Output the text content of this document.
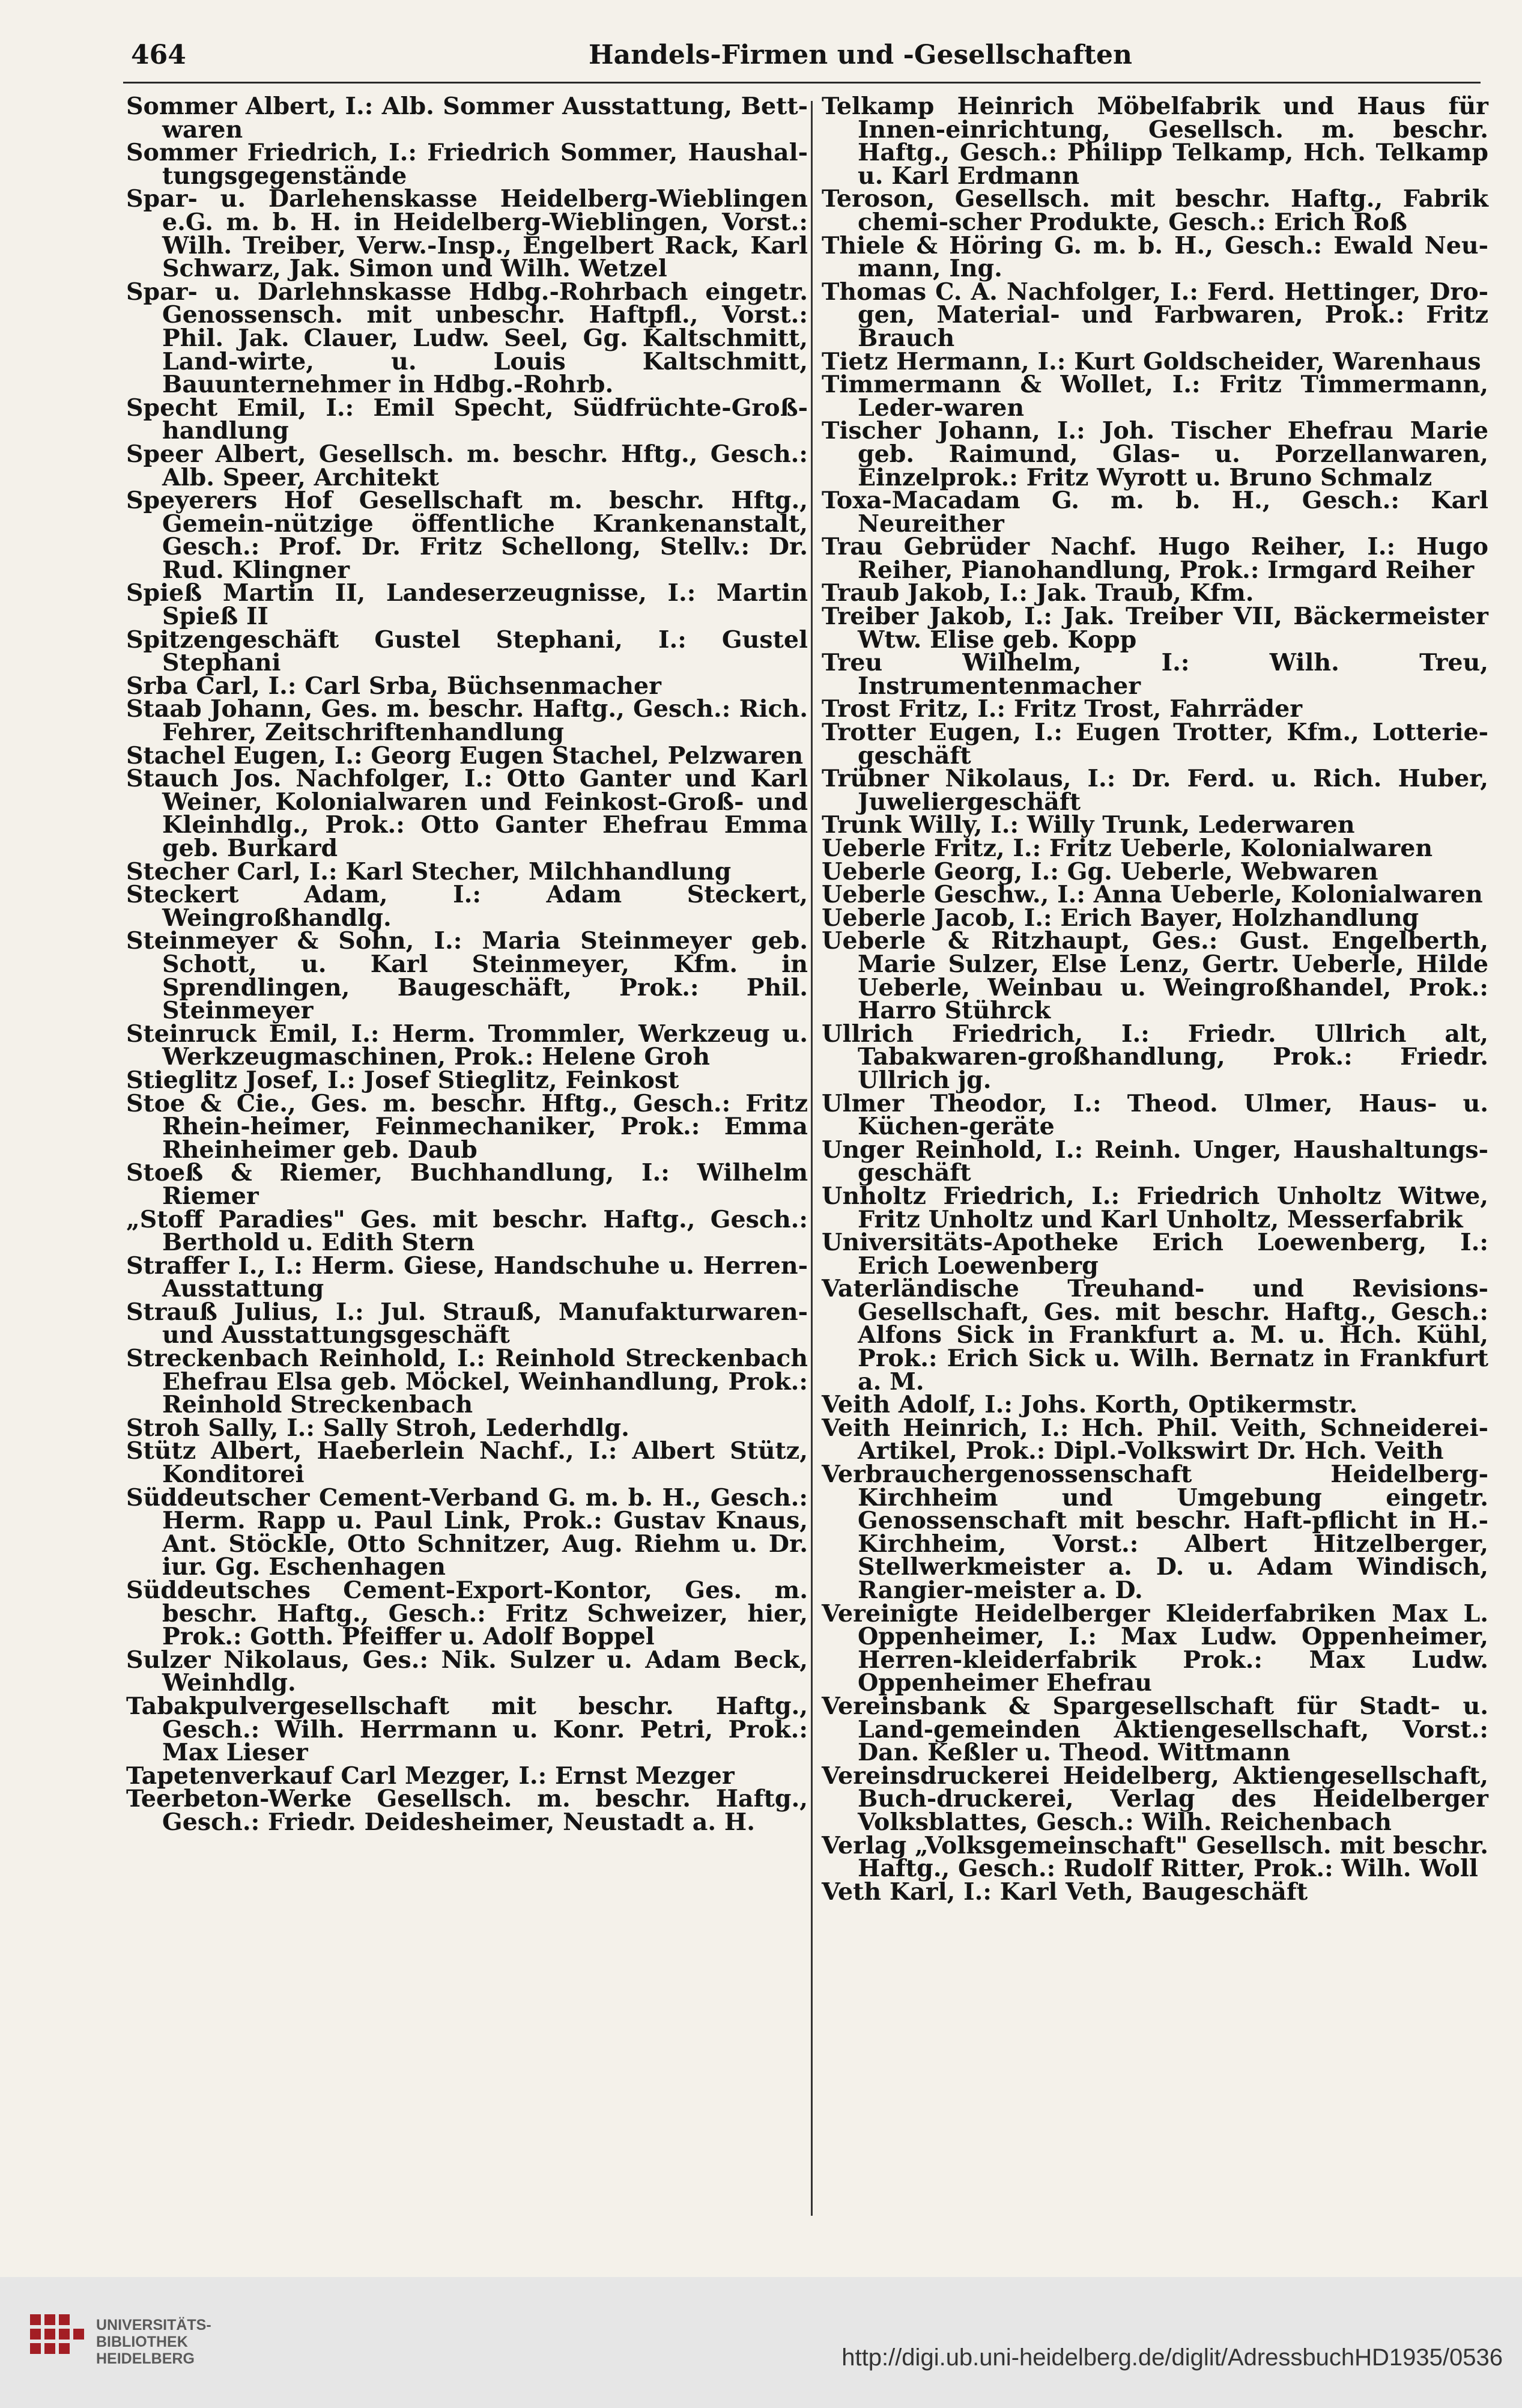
464	Handels-Firmen und -Gesellschaften

Sommer Albert, I.: Alb. Sommer Ausstattung, Bett-waren

Sommer Friedrich, I.: Friedrich Sommer, Haushal-tungsgegenstände

Spar- u. Darlehenskasse Heidelberg-Wieblingen e.G. m. b. H. in Heidelberg-Wieblingen, Vorst.: Wilh. Treiber, Verw.-Insp., Engelbert Rack, Karl Schwarz, Jak. Simon und Wilh. Wetzel

Spar- u. Darlehnskasse Hdbg.-Rohrbach eingetr. Genossensch. mit unbeschr. Haftpfl., Vorst.: Phil. Jak. Clauer, Ludw. Seel, Gg. Kaltschmitt, Land-wirte, u. Louis Kaltschmitt, Bauunternehmer in Hdbg.-Rohrb.

Specht Emil, I.: Emil Specht, Südfrüchte-Groß-handlung

Speer Albert, Gesellsch. m. beschr. Hftg., Gesch.: Alb. Speer, Architekt

Speyerers Hof Gesellschaft m. beschr. Hftg., Gemein-nützige öffentliche Krankenanstalt, Gesch.: Prof. Dr. Fritz Schellong, Stellv.: Dr. Rud. Klingner

Spieß Martin II, Landeserzeugnisse, I.: Martin Spieß II

Spitzengeschäft Gustel Stephani, I.: Gustel Stephani

Srba Carl, I.: Carl Srba, Büchsenmacher

Staab Johann, Ges. m. beschr. Haftg., Gesch.: Rich. Fehrer, Zeitschriftenhandlung

Stachel Eugen, I.: Georg Eugen Stachel, Pelzwaren

Stauch Jos. Nachfolger, I.: Otto Ganter und Karl Weiner, Kolonialwaren und Feinkost-Groß- und Kleinhdlg., Prok.: Otto Ganter Ehefrau Emma geb. Burkard

Stecher Carl, I.: Karl Stecher, Milchhandlung

Steckert Adam, I.: Adam Steckert, Weingroßhandlg.

Steinmeyer & Sohn, I.: Maria Steinmeyer geb. Schott, u. Karl Steinmeyer, Kfm. in Sprendlingen, Baugeschäft, Prok.: Phil. Steinmeyer

Steinruck Emil, I.: Herm. Trommler, Werkzeug u. Werkzeugmaschinen, Prok.: Helene Groh

Stieglitz Josef, I.: Josef Stieglitz, Feinkost

Stoe & Cie., Ges. m. beschr. Hftg., Gesch.: Fritz Rhein-heimer, Feinmechaniker, Prok.: Emma Rheinheimer geb. Daub

Stoeß & Riemer, Buchhandlung, I.: Wilhelm Riemer

„Stoff Paradies" Ges. mit beschr. Haftg., Gesch.: Berthold u. Edith Stern

Straffer I., I.: Herm. Giese, Handschuhe u. Herren-Ausstattung

Strauß Julius, I.: Jul. Strauß, Manufakturwaren-und Ausstattungsgeschäft

Streckenbach Reinhold, I.: Reinhold Streckenbach Ehefrau Elsa geb. Möckel, Weinhandlung, Prok.: Reinhold Streckenbach

Stroh Sally, I.: Sally Stroh, Lederhdlg.

Stütz Albert, Haeberlein Nachf., I.: Albert Stütz, Konditorei

Süddeutscher Cement-Verband G. m. b. H., Gesch.: Herm. Rapp u. Paul Link, Prok.: Gustav Knaus, Ant. Stöckle, Otto Schnitzer, Aug. Riehm u. Dr. iur. Gg. Eschenhagen

Süddeutsches Cement-Export-Kontor, Ges. m. beschr. Haftg., Gesch.: Fritz Schweizer, hier, Prok.: Gotth. Pfeiffer u. Adolf Boppel

Sulzer Nikolaus, Ges.: Nik. Sulzer u. Adam Beck, Weinhdlg.

Tabakpulvergesellschaft mit beschr. Haftg., Gesch.: Wilh. Herrmann u. Konr. Petri, Prok.: Max Lieser

Tapetenverkauf Carl Mezger, I.: Ernst Mezger

Teerbeton-Werke Gesellsch. m. beschr. Haftg., Gesch.: Friedr. Deidesheimer, Neustadt a. H.

Telkamp Heinrich Möbelfabrik und Haus für Innen-einrichtung, Gesellsch. m. beschr. Haftg., Gesch.: Philipp Telkamp, Hch. Telkamp u. Karl Erdmann

Teroson, Gesellsch. mit beschr. Haftg., Fabrik chemi-scher Produkte, Gesch.: Erich Roß

Thiele & Höring G. m. b. H., Gesch.: Ewald Neu-mann, Ing.

Thomas C. A. Nachfolger, I.: Ferd. Hettinger, Dro-gen, Material- und Farbwaren, Prok.: Fritz Brauch

Tietz Hermann, I.: Kurt Goldscheider, Warenhaus

Timmermann & Wollet, I.: Fritz Timmermann, Leder-waren

Tischer Johann, I.: Joh. Tischer Ehefrau Marie geb. Raimund, Glas- u. Porzellanwaren, Einzelprok.: Fritz Wyrott u. Bruno Schmalz

Toxa-Macadam G. m. b. H., Gesch.: Karl Neureither

Trau Gebrüder Nachf. Hugo Reiher, I.: Hugo Reiher, Pianohandlung, Prok.: Irmgard Reiher

Traub Jakob, I.: Jak. Traub, Kfm.

Treiber Jakob, I.: Jak. Treiber VII, Bäckermeister Wtw. Elise geb. Kopp

Treu Wilhelm, I.: Wilh. Treu, Instrumentenmacher

Trost Fritz, I.: Fritz Trost, Fahrräder

Trotter Eugen, I.: Eugen Trotter, Kfm., Lotterie-geschäft

Trübner Nikolaus, I.: Dr. Ferd. u. Rich. Huber, Juweliergeschäft

Trunk Willy, I.: Willy Trunk, Lederwaren

Ueberle Fritz, I.: Fritz Ueberle, Kolonialwaren

Ueberle Georg, I.: Gg. Ueberle, Webwaren

Ueberle Geschw., I.: Anna Ueberle, Kolonialwaren

Ueberle Jacob, I.: Erich Bayer, Holzhandlung

Ueberle & Ritzhaupt, Ges.: Gust. Engelberth, Marie Sulzer, Else Lenz, Gertr. Ueberle, Hilde Ueberle, Weinbau u. Weingroßhandel, Prok.: Harro Stührck

Ullrich Friedrich, I.: Friedr. Ullrich alt, Tabakwaren-großhandlung, Prok.: Friedr. Ullrich jg.

Ulmer Theodor, I.: Theod. Ulmer, Haus- u. Küchen-geräte

Unger Reinhold, I.: Reinh. Unger, Haushaltungs-geschäft

Unholtz Friedrich, I.: Friedrich Unholtz Witwe, Fritz Unholtz und Karl Unholtz, Messerfabrik

Universitäts-Apotheke Erich Loewenberg, I.: Erich Loewenberg

Vaterländische Treuhand- und Revisions-Gesellschaft, Ges. mit beschr. Haftg., Gesch.: Alfons Sick in Frankfurt a. M. u. Hch. Kühl, Prok.: Erich Sick u. Wilh. Bernatz in Frankfurt a. M.

Veith Adolf, I.: Johs. Korth, Optikermstr.

Veith Heinrich, I.: Hch. Phil. Veith, Schneiderei-Artikel, Prok.: Dipl.-Volkswirt Dr. Hch. Veith

Verbrauchergenossenschaft Heidelberg-Kirchheim und Umgebung eingetr. Genossenschaft mit beschr. Haft-pflicht in H.-Kirchheim, Vorst.: Albert Hitzelberger, Stellwerkmeister a. D. u. Adam Windisch, Rangier-meister a. D.

Vereinigte Heidelberger Kleiderfabriken Max L. Oppenheimer, I.: Max Ludw. Oppenheimer, Herren-kleiderfabrik Prok.: Max Ludw. Oppenheimer Ehefrau

Vereinsbank & Spargesellschaft für Stadt- u. Land-gemeinden Aktiengesellschaft, Vorst.: Dan. Keßler u. Theod. Wittmann

Vereinsdruckerei Heidelberg, Aktiengesellschaft, Buch-druckerei, Verlag des Heidelberger Volksblattes, Gesch.: Wilh. Reichenbach

Verlag „Volksgemeinschaft" Gesellsch. mit beschr. Haftg., Gesch.: Rudolf Ritter, Prok.: Wilh. Woll

Veth Karl, I.: Karl Veth, Baugeschäft

UNIVERSITÄTS-
BIBLIOTHEK
HEIDELBERG	http://digi.ub.uni-heidelberg.de/diglit/AdressbuchHD1935/0536
